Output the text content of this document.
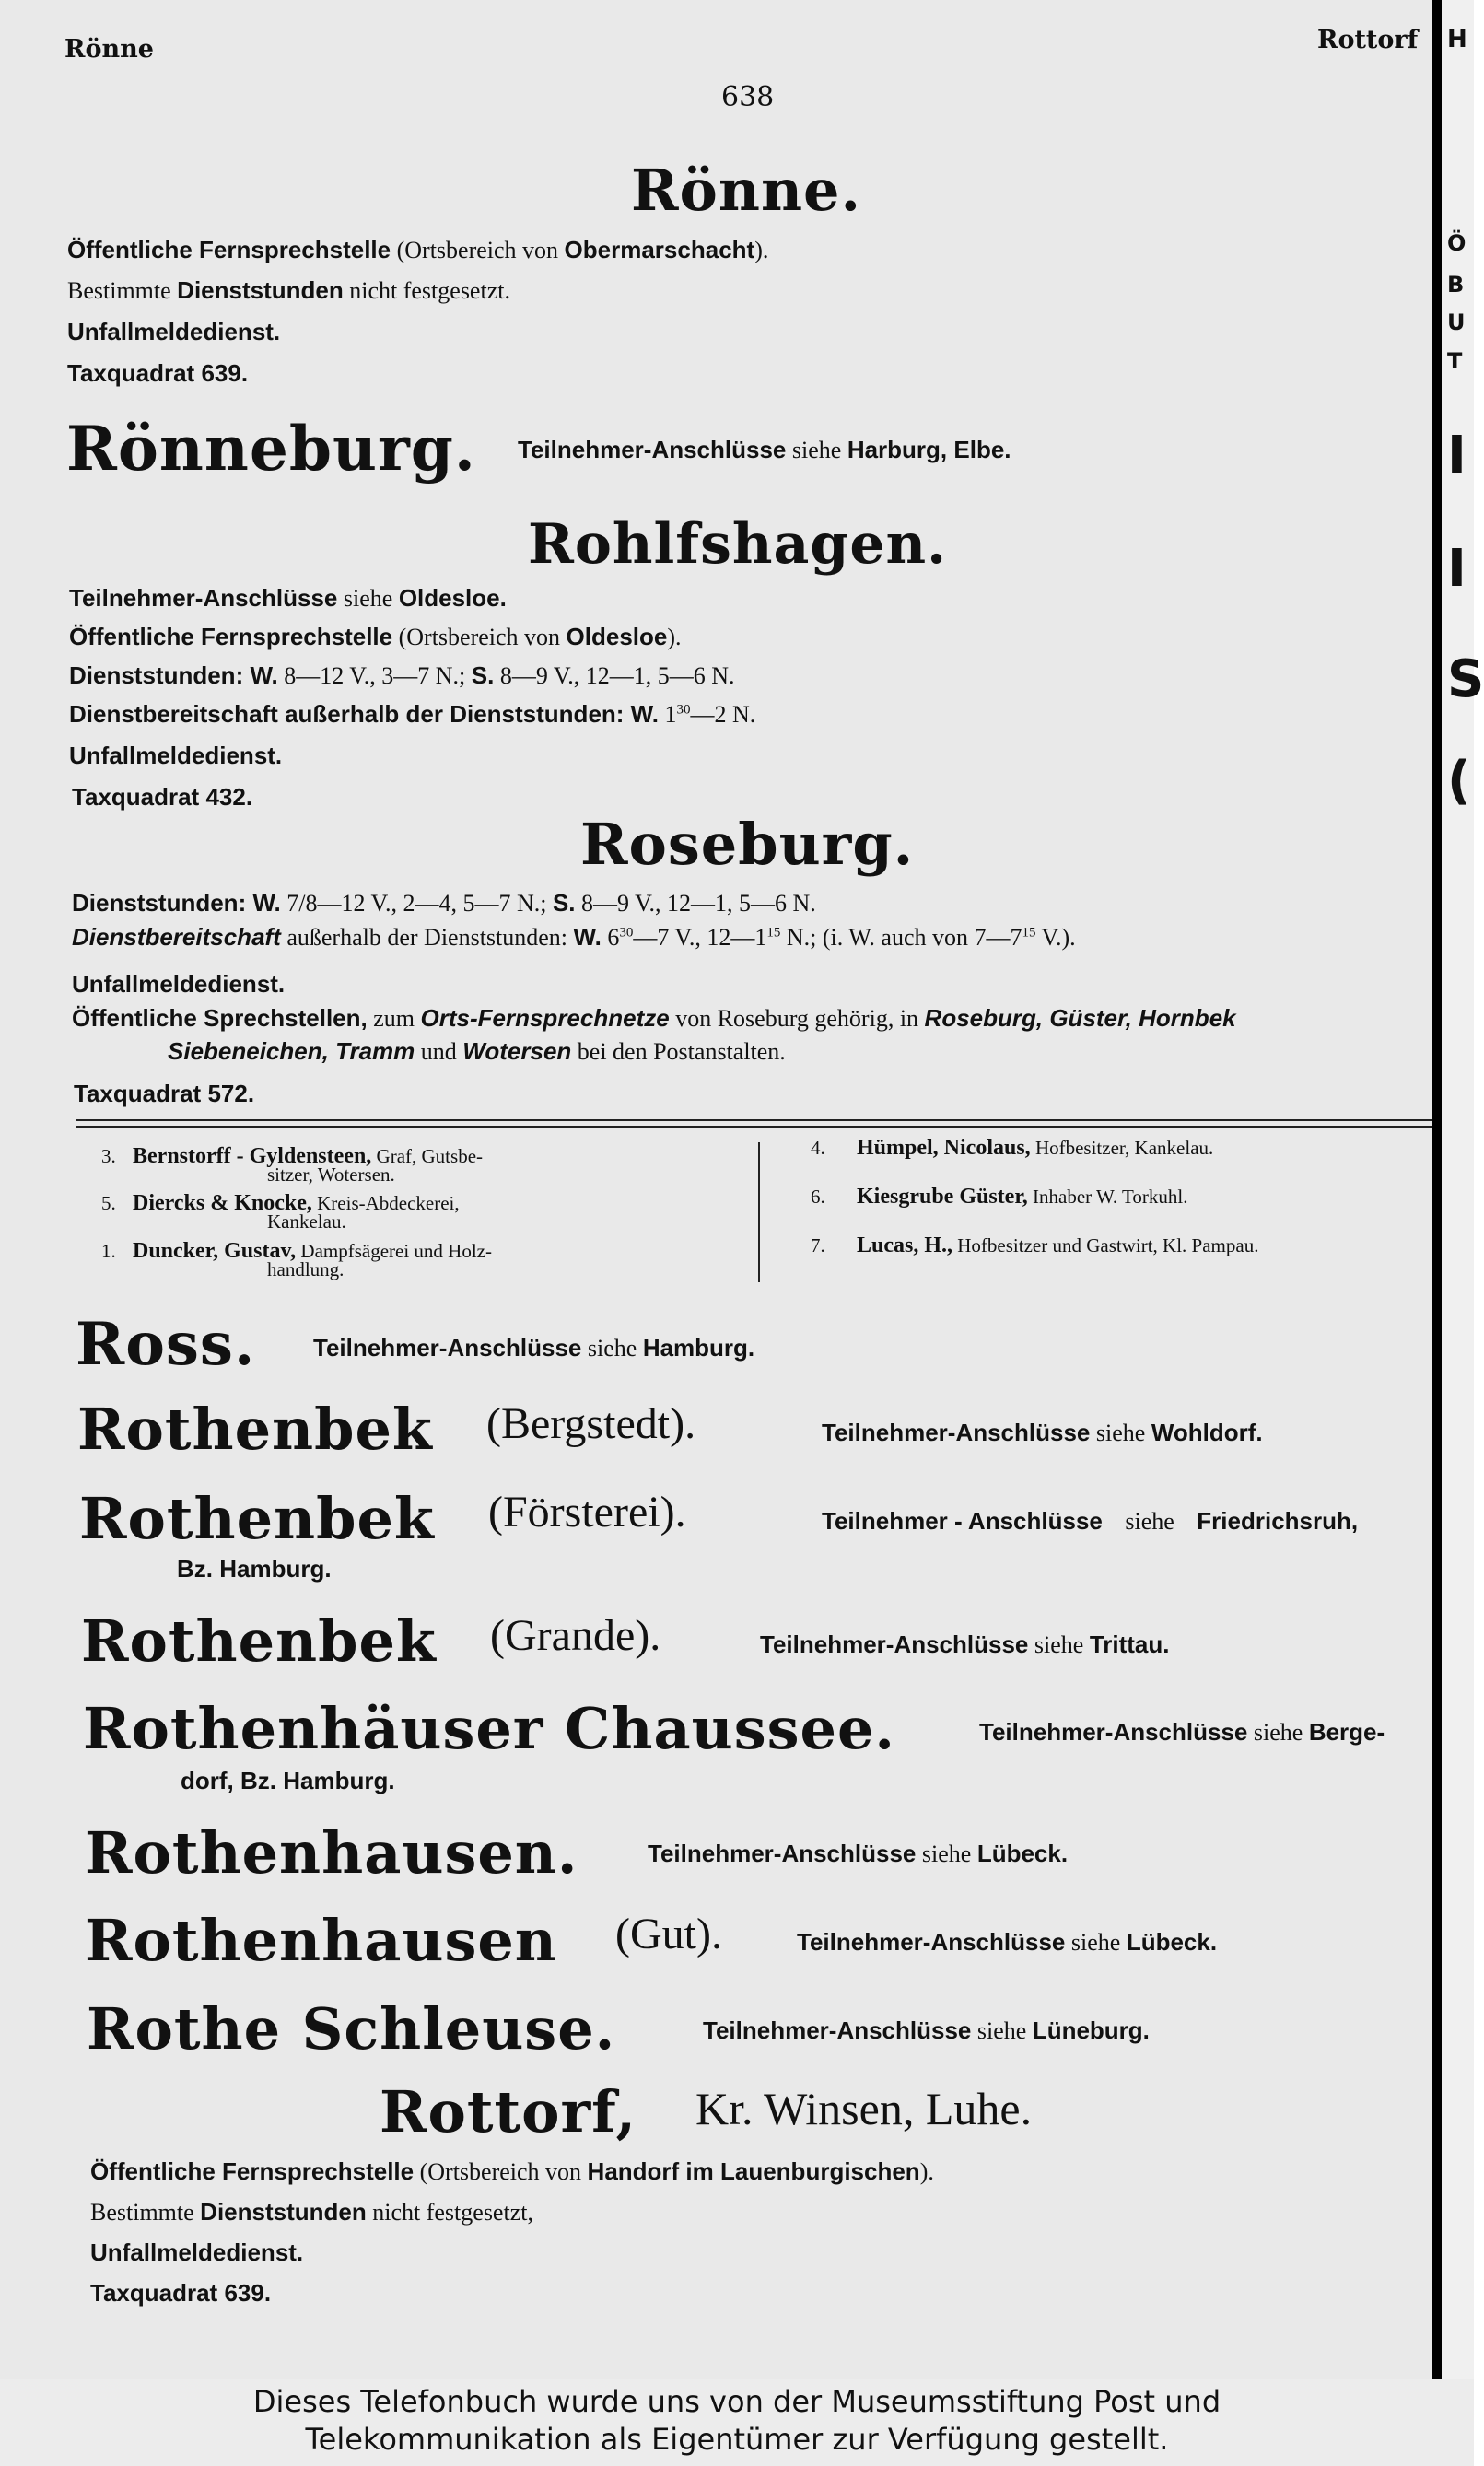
Rönne
638
Rottorf
Rönne.
Öffentliche Fernsprechstelle (Ortsbereich von Obermarschacht).
Bestimmte Dienststunden nicht festgesetzt.
Unfallmeldedienst.
Taxquadrat 639.
Rönneburg. Teilnehmer-Anschlüsse siehe Harburg, Elbe.
Rohlfshagen.
Teilnehmer-Anschlüsse siehe Oldesloe.
Öffentliche Fernsprechstelle (Ortsbereich von Oldesloe).
Dienststunden: W. 8—12 V., 3—7 N.; S. 8—9 V., 12—1, 5—6 N.
Dienstbereitschaft außerhalb der Dienststunden: W. $1^{30}—2$ N.
Unfallmeldedienst.
Taxquadrat 432.
Roseburg.
Dienststunden: W. 7/8—12 V., 2—4, 5—7 N.; S. 8—9 V., 12—1, 5—6 N.
Dienstbereitschaft außerhalb der Dienststunden: W. $6^{30}—7$ V., $12—1^{15}$ N.; (i. W. auch von $7—7^{15}$ V.).
Unfallmeldedienst.
Öffentliche Sprechstellen, zum Orts-Fernsprechnetze von Roseburg gehörig, in Roseburg, Güster, Hornbek
Siebeneichen, Tramm und Wotersen bei den Postanstalten.
Taxquadrat 572.
3. Bernstorff - Gyldensteen, Graf, Gutsbe-
sitzer, Wotersen.
5. Diercks & Knocke, Kreis-Abdeckerei,
Kankelau.
1. Duncker, Gustav, Dampfsägerei und Holz-
handlung.
4. Hümpel, Nicolaus, Hofbesitzer, Kankelau.
6. Kiesgrube Güster, Inhaber W. Torkuhl.
7. Lucas, H., Hofbesitzer und Gastwirt, Kl. Pampau.
Ross. Teilnehmer-Anschlüsse siehe Hamburg.
Rothenbek (Bergstedt).	Teilnehmer-Anschlüsse siehe Wohldorf.
Rothenbek (Försterei).	Teilnehmer - Anschlüsse siehe Friedrichsruh,
Bz. Hamburg.
Rothenbek (Grande).	Teilnehmer-Anschlüsse siehe Trittau.
Rothenhäuser Chaussee.	Teilnehmer-Anschlüsse siehe Berge-
dorf, Bz. Hamburg.
Rothenhausen.	Teilnehmer-Anschlüsse siehe Lübeck.
Rothenhausen (Gut).	Teilnehmer-Anschlüsse siehe Lübeck.
Rothe Schleuse.	Teilnehmer-Anschlüsse siehe Lüneburg.
Rottorf, Kr. Winsen, Luhe.
Öffentliche Fernsprechstelle (Ortsbereich von Handorf im Lauenburgischen).
Bestimmte Dienststunden nicht festgesetzt,
Unfallmeldedienst.
Taxquadrat 639.
H
Ö
B
U
T
I
I
S
(
Dieses Telefonbuch wurde uns von der Museumsstiftung Post und
Telekommunikation als Eigentümer zur Verfügung gestellt.
